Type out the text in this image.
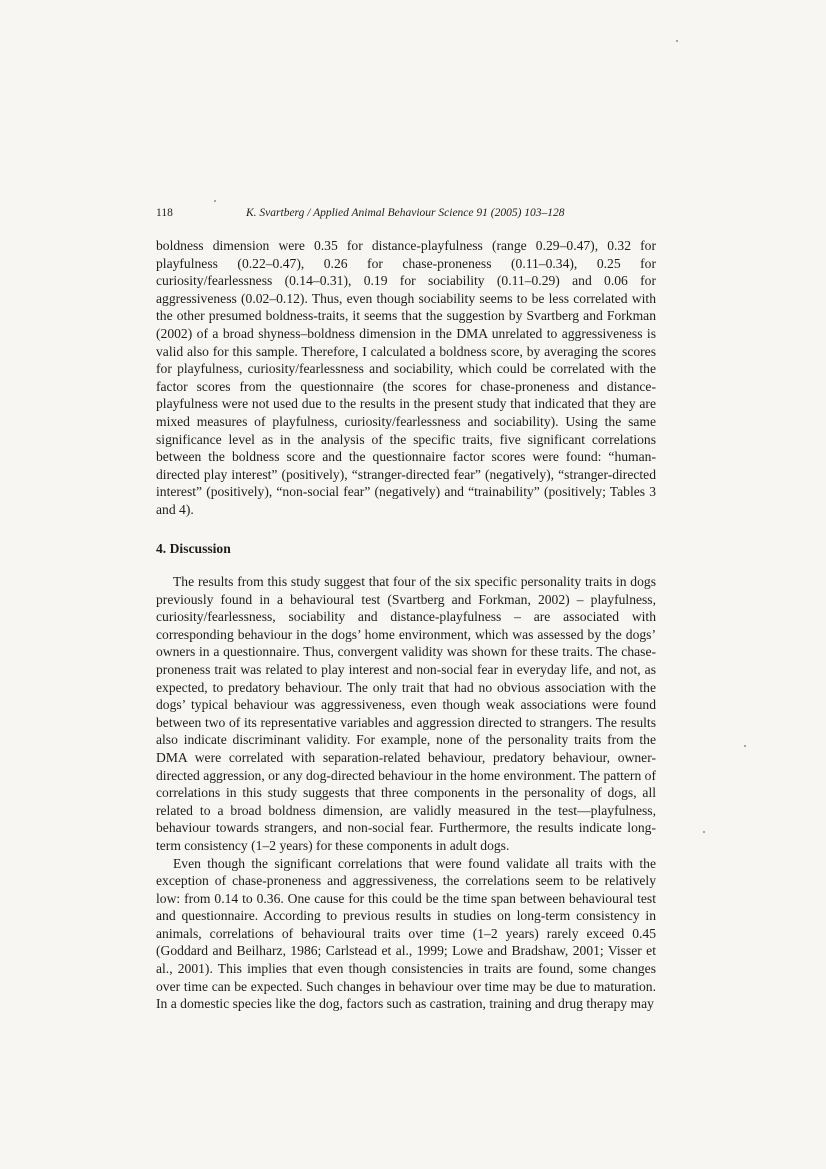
118	K. Svartberg / Applied Animal Behaviour Science 91 (2005) 103–128

boldness dimension were 0.35 for distance-playfulness (range 0.29–0.47), 0.32 for playfulness (0.22–0.47), 0.26 for chase-proneness (0.11–0.34), 0.25 for curiosity/fearlessness (0.14–0.31), 0.19 for sociability (0.11–0.29) and 0.06 for aggressiveness (0.02–0.12). Thus, even though sociability seems to be less correlated with the other presumed boldness-traits, it seems that the suggestion by Svartberg and Forkman (2002) of a broad shyness–boldness dimension in the DMA unrelated to aggressiveness is valid also for this sample. Therefore, I calculated a boldness score, by averaging the scores for playfulness, curiosity/fearlessness and sociability, which could be correlated with the factor scores from the questionnaire (the scores for chase-proneness and distance-playfulness were not used due to the results in the present study that indicated that they are mixed measures of playfulness, curiosity/fearlessness and sociability). Using the same significance level as in the analysis of the specific traits, five significant correlations between the boldness score and the questionnaire factor scores were found: “human-directed play interest” (positively), “stranger-directed fear” (negatively), “stranger-directed interest” (positively), “non-social fear” (negatively) and “trainability” (positively; Tables 3 and 4).

4. Discussion

The results from this study suggest that four of the six specific personality traits in dogs previously found in a behavioural test (Svartberg and Forkman, 2002) – playfulness, curiosity/fearlessness, sociability and distance-playfulness – are associated with corresponding behaviour in the dogs’ home environment, which was assessed by the dogs’ owners in a questionnaire. Thus, convergent validity was shown for these traits. The chase-proneness trait was related to play interest and non-social fear in everyday life, and not, as expected, to predatory behaviour. The only trait that had no obvious association with the dogs’ typical behaviour was aggressiveness, even though weak associations were found between two of its representative variables and aggression directed to strangers. The results also indicate discriminant validity. For example, none of the personality traits from the DMA were correlated with separation-related behaviour, predatory behaviour, owner-directed aggression, or any dog-directed behaviour in the home environment. The pattern of correlations in this study suggests that three components in the personality of dogs, all related to a broad boldness dimension, are validly measured in the test—playfulness, behaviour towards strangers, and non-social fear. Furthermore, the results indicate long-term consistency (1–2 years) for these components in adult dogs.

Even though the significant correlations that were found validate all traits with the exception of chase-proneness and aggressiveness, the correlations seem to be relatively low: from 0.14 to 0.36. One cause for this could be the time span between behavioural test and questionnaire. According to previous results in studies on long-term consistency in animals, correlations of behavioural traits over time (1–2 years) rarely exceed 0.45 (Goddard and Beilharz, 1986; Carlstead et al., 1999; Lowe and Bradshaw, 2001; Visser et al., 2001). This implies that even though consistencies in traits are found, some changes over time can be expected. Such changes in behaviour over time may be due to maturation. In a domestic species like the dog, factors such as castration, training and drug therapy may
